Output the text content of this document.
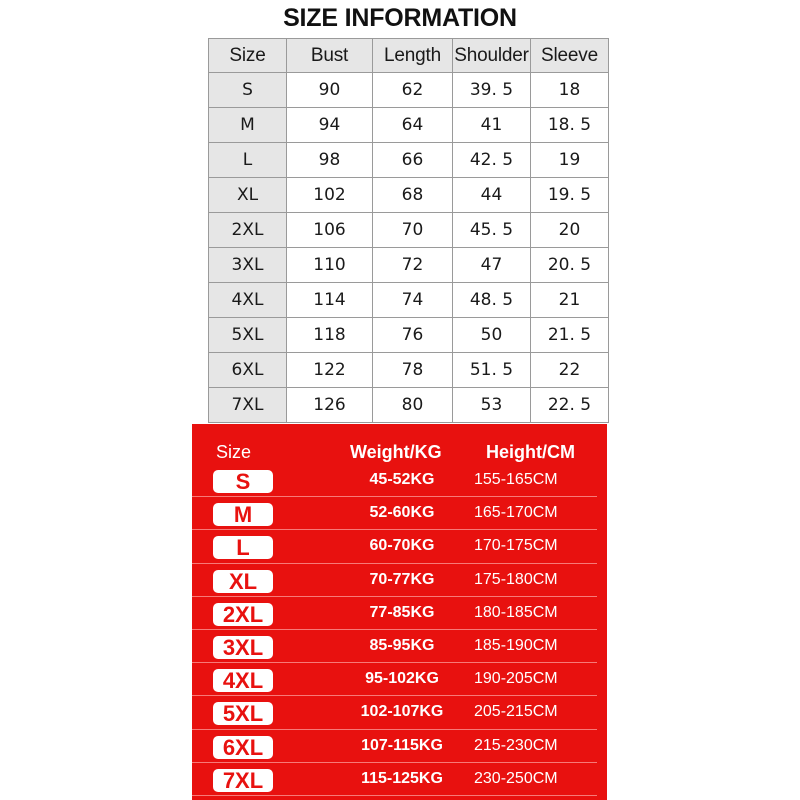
SIZE INFORMATION
Size	Bust	Length	Shoulder	Sleeve
S	90	62	39. 5	18
M	94	64	41	18. 5
L	98	66	42. 5	19
XL	102	68	44	19. 5
2XL	106	70	45. 5	20
3XL	110	72	47	20. 5
4XL	114	74	48. 5	21
5XL	118	76	50	21. 5
6XL	122	78	51. 5	22
7XL	126	80	53	22. 5
Size	Weight/KG Height/CM
S	45-52KG	155-165CM
M	52-60KG	165-170CM
L	60-70KG	170-175CM
XL	70-77KG	175-180CM
2XL	77-85KG	180-185CM
3XL	85-95KG	185-190CM
4XL	95-102KG	190-205CM
5XL	102-107KG	205-215CM
6XL	107-115KG	215-230CM
7XL	115-125KG	230-250CM
